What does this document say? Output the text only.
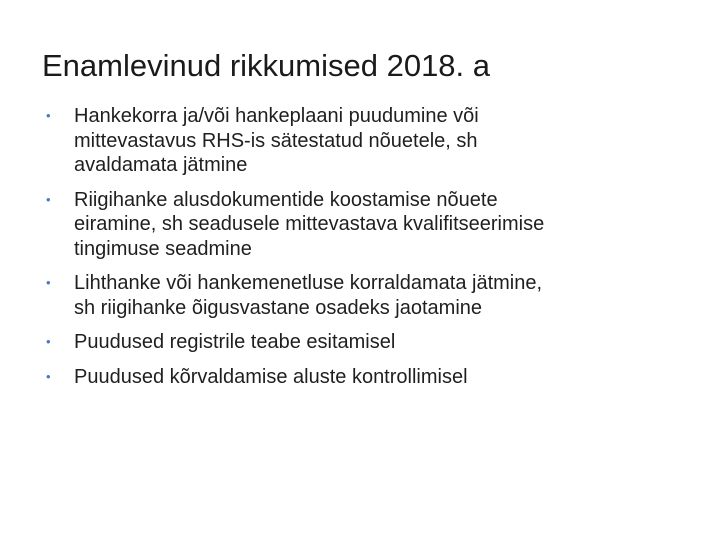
Enamlevinud rikkumised 2018. a
•	Hankekorra ja/või hankeplaani puudumine või
mittevastavus RHS-is sätestatud nõuetele, sh
avaldamata jätmine
•	Riigihanke alusdokumentide koostamise nõuete
eiramine, sh seadusele mittevastava kvalifitseerimise
tingimuse seadmine
•	Lihthanke või hankemenetluse korraldamata jätmine,
sh riigihanke õigusvastane osadeks jaotamine
•	Puudused registrile teabe esitamisel
•	Puudused kõrvaldamise aluste kontrollimisel
